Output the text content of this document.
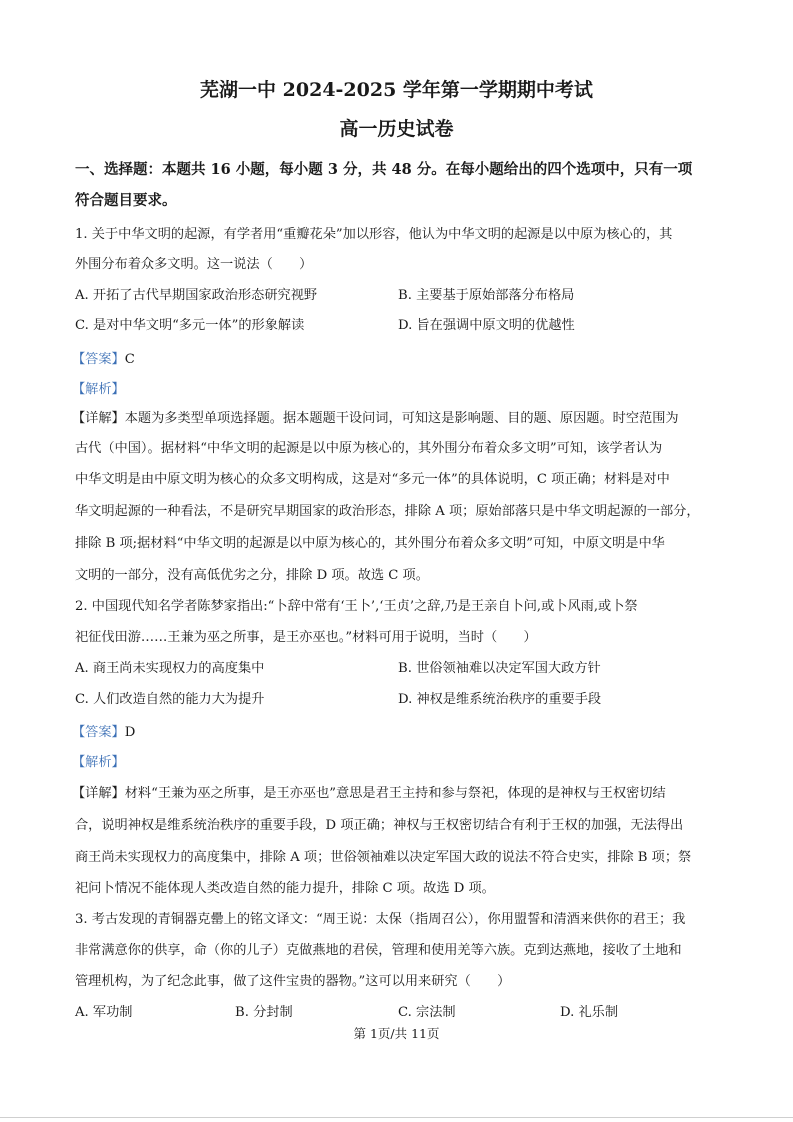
芜湖一中 2024-2025 学年第一学期期中考试
高一历史试卷
一、选择题：本题共 16 小题，每小题 3 分，共 48 分。在每小题给出的四个选项中，只有一项
符合题目要求。
1. 关于中华文明的起源，有学者用“重瓣花朵”加以形容，他认为中华文明的起源是以中原为核心的，其
外围分布着众多文明。这一说法（　　）
A. 开拓了古代早期国家政治形态研究视野	B. 主要基于原始部落分布格局
C. 是对中华文明“多元一体”的形象解读	D. 旨在强调中原文明的优越性
【答案】C
【解析】
【详解】本题为多类型单项选择题。据本题题干设问词，可知这是影响题、目的题、原因题。时空范围为
古代（中国）。据材料“中华文明的起源是以中原为核心的，其外围分布着众多文明”可知，该学者认为
中华文明是由中原文明为核心的众多文明构成，这是对“多元一体”的具体说明，C 项正确；材料是对中
华文明起源的一种看法，不是研究早期国家的政治形态，排除 A 项；原始部落只是中华文明起源的一部分，
排除 B 项;据材料“中华文明的起源是以中原为核心的，其外围分布着众多文明”可知，中原文明是中华
文明的一部分，没有高低优劣之分，排除 D 项。故选 C 项。
2. 中国现代知名学者陈梦家指出:“卜辞中常有‘王卜’,‘王贞’之辞,乃是王亲自卜问,或卜风雨,或卜祭
祀征伐田游……王兼为巫之所事，是王亦巫也。”材料可用于说明，当时（　　）
A. 商王尚未实现权力的高度集中	B. 世俗领袖难以决定军国大政方针
C. 人们改造自然的能力大为提升	D. 神权是维系统治秩序的重要手段
【答案】D
【解析】
【详解】材料“王兼为巫之所事，是王亦巫也”意思是君王主持和参与祭祀，体现的是神权与王权密切结
合，说明神权是维系统治秩序的重要手段，D 项正确；神权与王权密切结合有利于王权的加强，无法得出
商王尚未实现权力的高度集中，排除 A 项；世俗领袖难以决定军国大政的说法不符合史实，排除 B 项；祭
祀问卜情况不能体现人类改造自然的能力提升，排除 C 项。故选 D 项。
3. 考古发现的青铜器克罍上的铭文译文：“周王说：太保（指周召公），你用盟誓和清酒来供你的君王；我
非常满意你的供享，命（你的儿子）克做燕地的君侯，管理和使用羌等六族。克到达燕地，接收了土地和
管理机构，为了纪念此事，做了这件宝贵的器物。”这可以用来研究（　　）
A. 军功制	B. 分封制	C. 宗法制	D. 礼乐制
第 1页/共 11页
